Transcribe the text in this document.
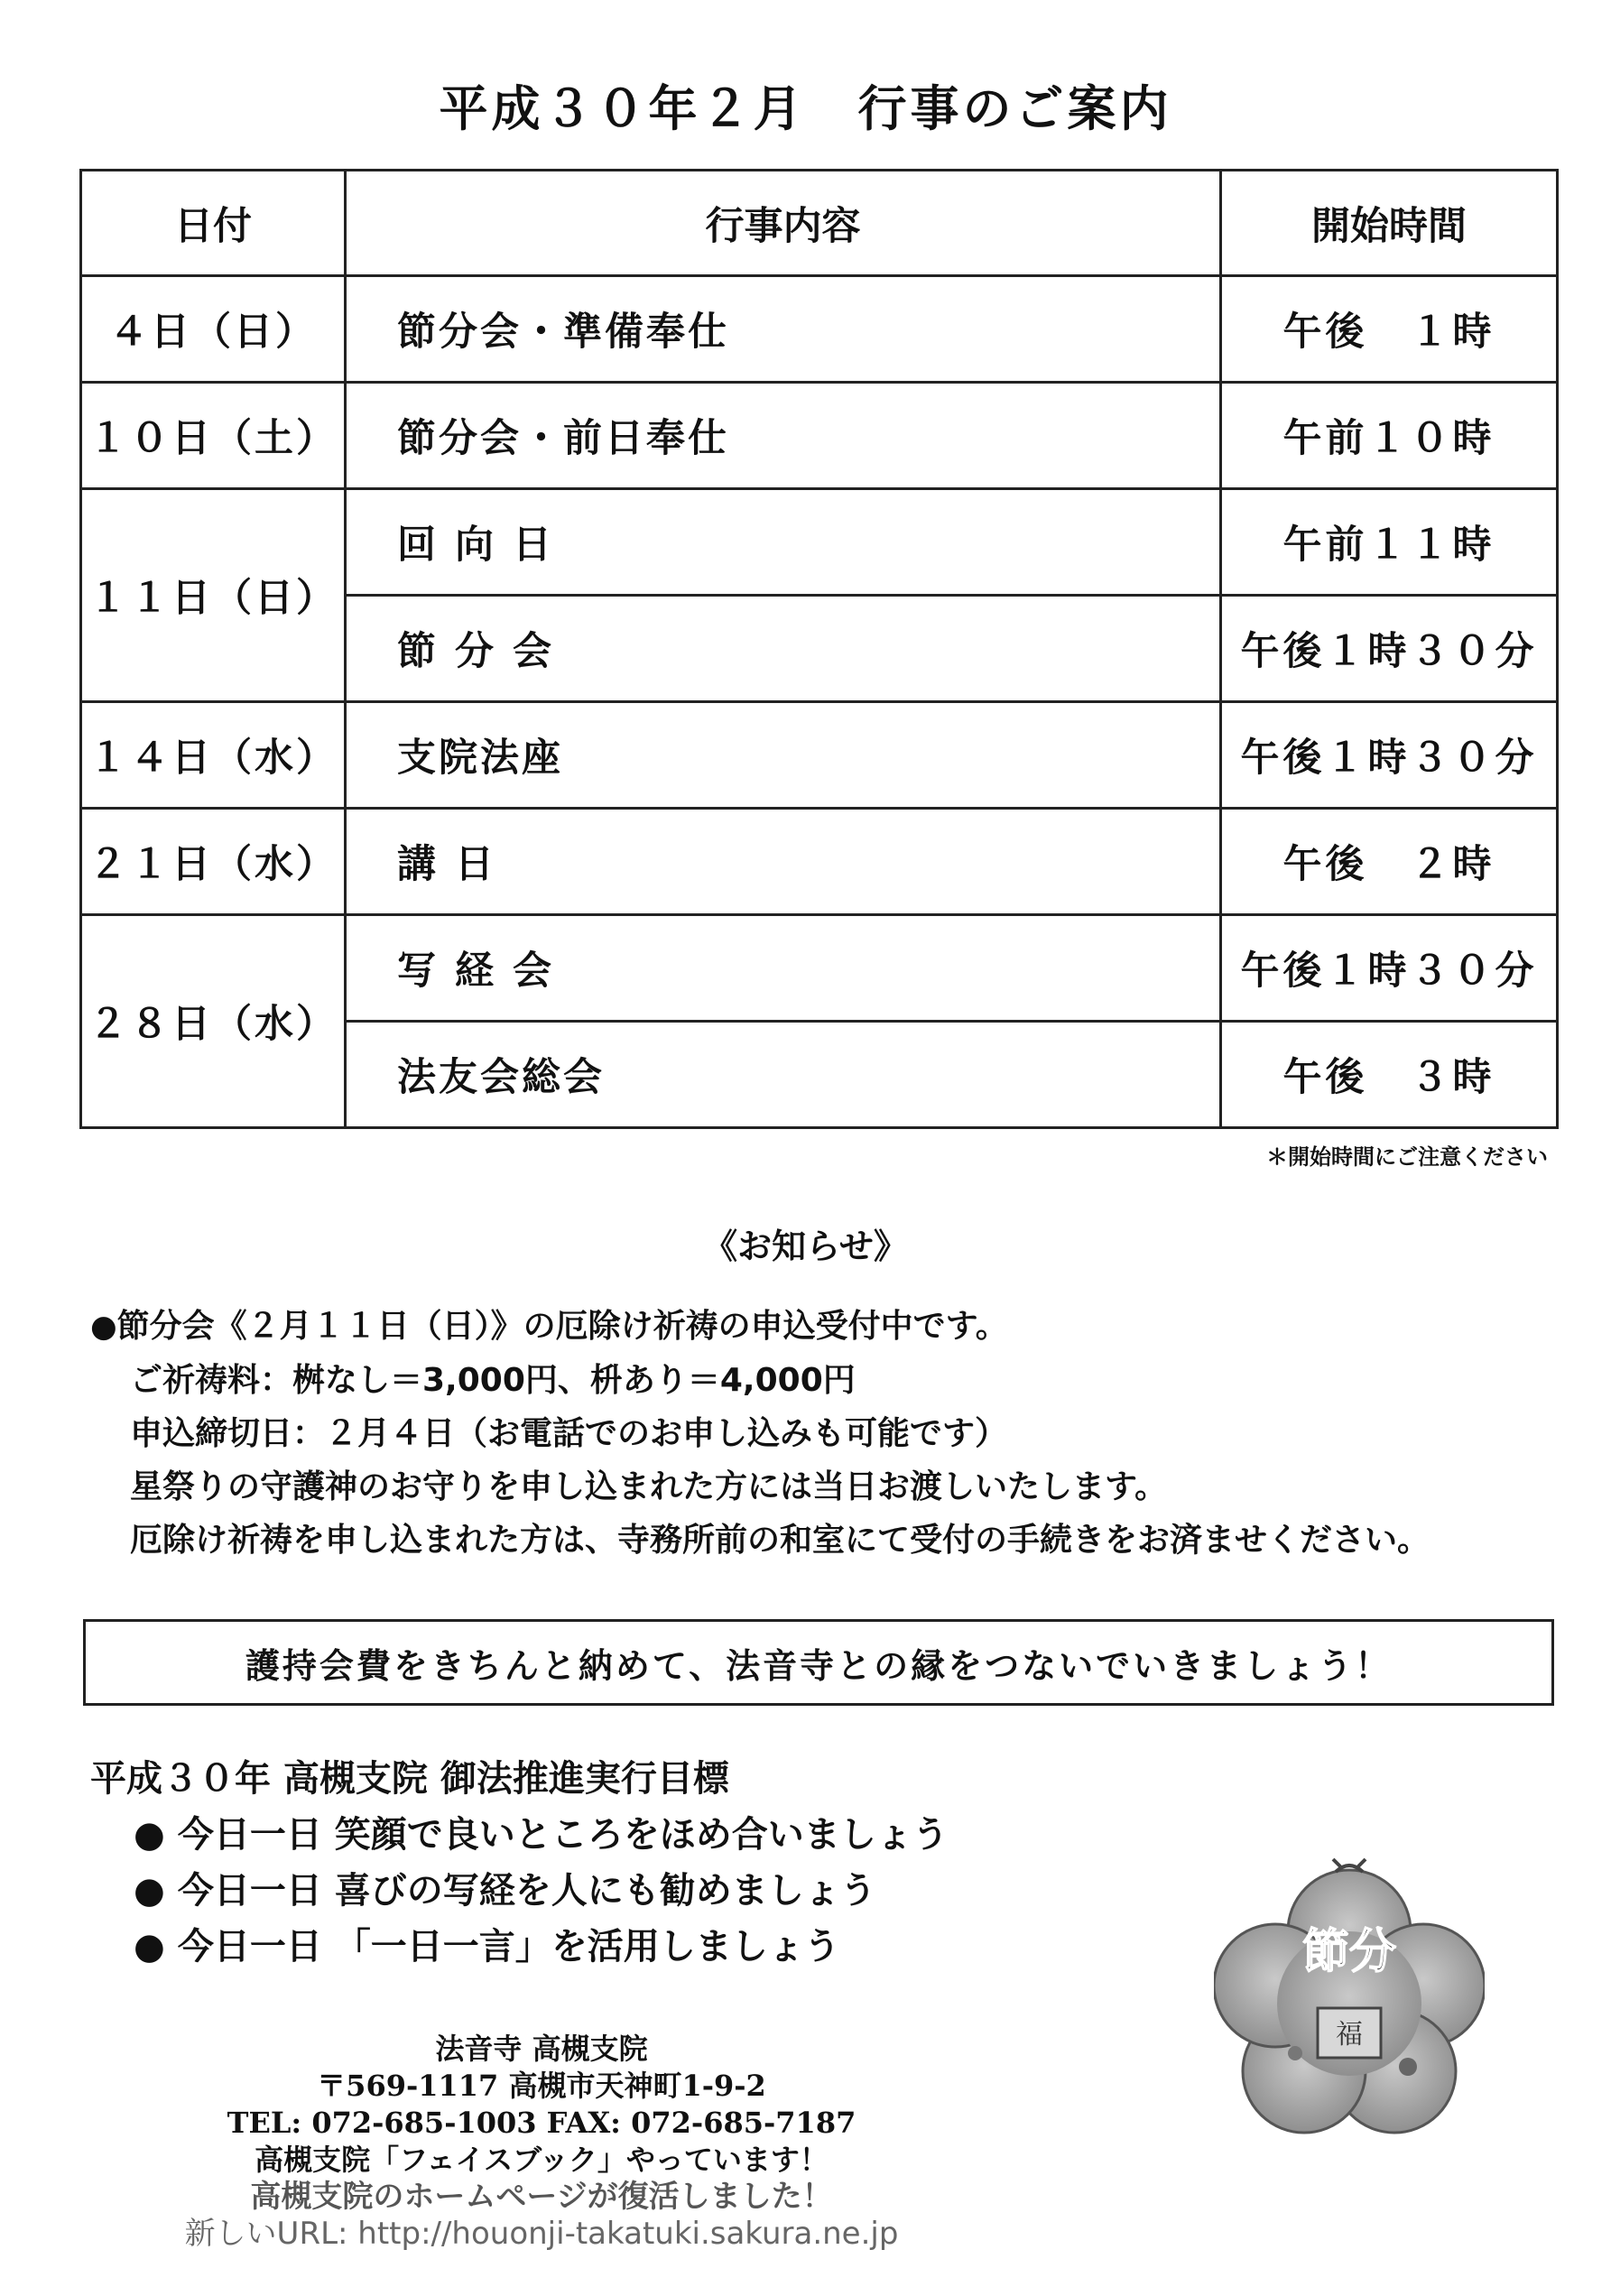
平成３０年２月　行事のご案内
日付	行事内容	開始時間
４日（日）	節分会・準備奉仕	午後　１時
１０日（土）	節分会・前日奉仕	午前１０時
１１日（日）	回 向 日	午前１１時
	節 分 会	午後１時３０分
１４日（水）	支院法座	午後１時３０分
２１日（水）	講 日	午後　２時
２８日（水）	写 経 会	午後１時３０分
	法友会総会	午後　３時
＊開始時間にご注意ください
《お知らせ》
●節分会《２月１１日（日）》の厄除け祈祷の申込受付中です。
ご祈祷料：桝なし＝3,000円、枡あり＝4,000円
申込締切日：２月４日（お電話でのお申し込みも可能です）
星祭りの守護神のお守りを申し込まれた方には当日お渡しいたします。
厄除け祈祷を申し込まれた方は、寺務所前の和室にて受付の手続きをお済ませください。
護持会費をきちんと納めて、法音寺との縁をつないでいきましょう！
平成３０年 高槻支院 御法推進実行目標
● 今日一日 笑顔で良いところをほめ合いましょう
● 今日一日 喜びの写経を人にも勧めましょう
● 今日一日 「一日一言」を活用しましょう	節分
福
法音寺 高槻支院
〒569-1117 高槻市天神町1-9-2
TEL: 072-685-1003 FAX: 072-685-7187
高槻支院「フェイスブック」やっています！
高槻支院のホームページが復活しました！
新しいURL: http://houonji-takatuki.sakura.ne.jp
